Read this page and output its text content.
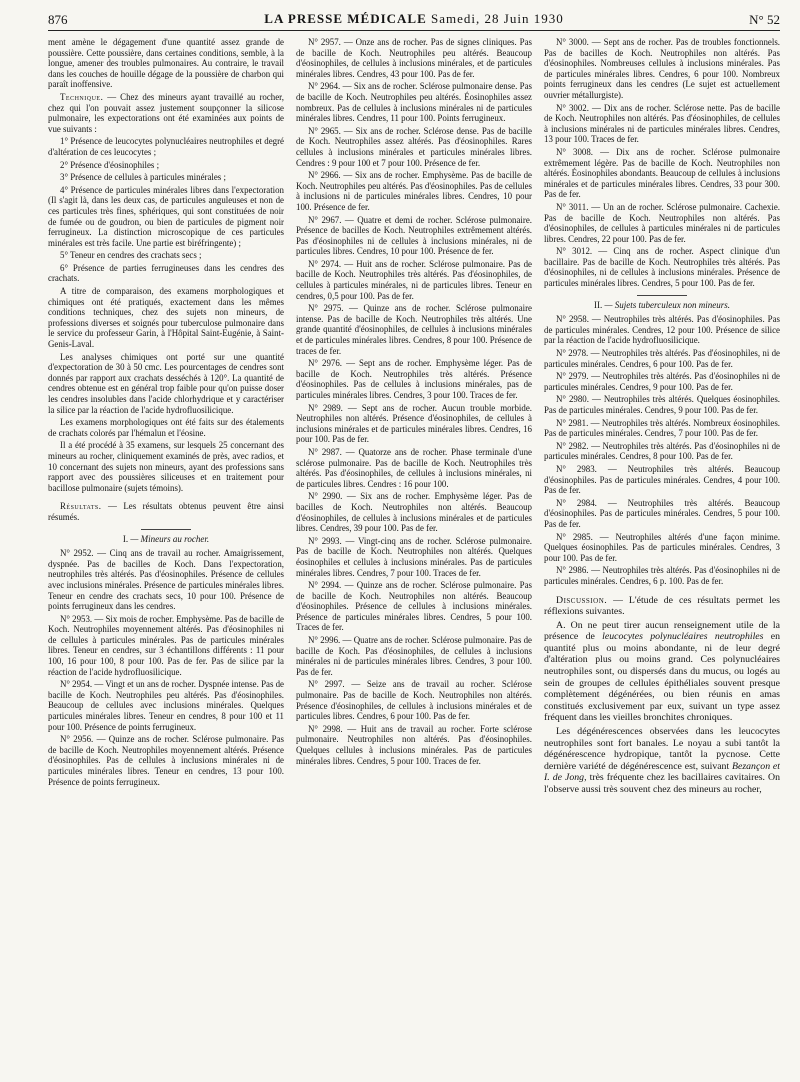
876	LA PRESSE MÉDICALE Samedi, 28 Juin 1930	N° 52

ment amène le dégagement d'une quantité assez grande de poussière. Cette poussière, dans certaines conditions, semble, à la longue, amener des troubles pulmonaires. Au contraire, le travail dans les couches de houille dégage de la poussière de charbon qui paraît inoffensive.

Technique. — Chez des mineurs ayant travaillé au rocher, chez qui l'on pouvait assez justement soupçonner la silicose pulmonaire, les expectorations ont été examinées aux points de vue suivants :

1° Présence de leucocytes polynucléaires neutrophiles et degré d'altération de ces leucocytes ;

2° Présence d'éosinophiles ;

3° Présence de cellules à particules minérales ;

4° Présence de particules minérales libres dans l'expectoration (Il s'agit là, dans les deux cas, de particules anguleuses et non de ces particules très fines, sphériques, qui sont constituées de noir de fumée ou de goudron, ou bien de particules de pigment noir ferrugineux. La distinction microscopique de ces particules minérales est très facile. Une partie est biréfringente) ;

5° Teneur en cendres des crachats secs ;

6° Présence de parties ferrugineuses dans les cendres des crachats.

A titre de comparaison, des examens morphologiques et chimiques ont été pratiqués, exactement dans les mêmes conditions techniques, chez des sujets non mineurs, de professions diverses et soignés pour tuberculose pulmonaire dans le service du professeur Garin, à l'Hôpital Saint-Eugénie, à Saint-Genis-Laval.

Les analyses chimiques ont porté sur une quantité d'expectoration de 30 à 50 cmc. Les pourcentages de cendres sont donnés par rapport aux crachats desséchés à 120°. La quantité de cendres obtenue est en général trop faible pour qu'on puisse doser les cendres insolubles dans l'acide chlorhydrique et y caractériser la silice par la réaction de l'acide hydrofluosilicique.

Les examens morphologiques ont été faits sur des étalements de crachats colorés par l'hémalun et l'éosine.

Il a été procédé à 35 examens, sur lesquels 25 concernant des mineurs au rocher, cliniquement examinés de près, avec radios, et 10 concernant des sujets non mineurs, ayant des professions sans rapport avec des poussières siliceuses et en traitement pour bacillose pulmonaire (sujets témoins).

Résultats. — Les résultats obtenus peuvent être ainsi résumés.

I. — Mineurs au rocher.

N° 2952. — Cinq ans de travail au rocher. Amaigrissement, dyspnée. Pas de bacilles de Koch. Dans l'expectoration, neutrophiles très altérés. Pas d'éosinophiles. Présence de cellules avec inclusions minérales. Présence de particules minérales libres. Teneur en cendre des crachats secs, 10 pour 100. Présence de points ferrugineux dans les cendres.

N° 2953. — Six mois de rocher. Emphysème. Pas de bacille de Koch. Neutrophiles moyennement altérés. Pas d'éosinophiles ni de cellules à particules minérales. Pas de particules minérales libres. Teneur en cendres, sur 3 échantillons différents : 11 pour 100, 16 pour 100, 8 pour 100. Pas de fer. Pas de silice par la réaction de l'acide hydrofluosilicique.

N° 2954. — Vingt et un ans de rocher. Dyspnée intense. Pas de bacille de Koch. Neutrophiles peu altérés. Pas d'éosinophiles. Beaucoup de cellules avec inclusions minérales. Quelques particules minérales libres. Teneur en cendres, 8 pour 100 et 11 pour 100. Présence de points ferrugineux.

N° 2956. — Quinze ans de rocher. Sclérose pulmonaire. Pas de bacille de Koch. Neutrophiles moyennement altérés. Présence d'éosinophiles. Pas de cellules à inclusions minérales ni de particules minérales libres. Teneur en cendres, 13 pour 100. Présence de points ferrugineux.

N° 2957. — Onze ans de rocher. Pas de signes cliniques. Pas de bacille de Koch. Neutrophiles peu altérés. Beaucoup d'éosinophiles, de cellules à inclusions minérales, et de particules minérales libres. Cendres, 43 pour 100. Pas de fer.

N° 2964. — Six ans de rocher. Sclérose pulmonaire dense. Pas de bacille de Koch. Neutrophiles peu altérés. Éosinophiles assez nombreux. Pas de cellules à inclusions minérales ni de particules minérales libres. Cendres, 11 pour 100. Points ferrugineux.

N° 2965. — Six ans de rocher. Sclérose dense. Pas de bacille de Koch. Neutrophiles assez altérés. Pas d'éosinophiles. Rares cellules à inclusions minérales et particules minérales libres. Cendres : 9 pour 100 et 7 pour 100. Présence de fer.

N° 2966. — Six ans de rocher. Emphysème. Pas de bacille de Koch. Neutrophiles peu altérés. Pas d'éosinophiles. Pas de cellules à inclusions ni de particules minérales libres. Cendres, 10 pour 100. Présence de fer.

N° 2967. — Quatre et demi de rocher. Sclérose pulmonaire. Présence de bacilles de Koch. Neutrophiles extrêmement altérés. Pas d'éosinophiles ni de cellules à inclusions minérales, ni de particules libres. Cendres, 10 pour 100. Présence de fer.

N° 2974. — Huit ans de rocher. Sclérose pulmonaire. Pas de bacille de Koch. Neutrophiles très altérés. Pas d'éosinophiles, de cellules à particules minérales, ni de particules libres. Teneur en cendres, 0,5 pour 100. Pas de fer.

N° 2975. — Quinze ans de rocher. Sclérose pulmonaire intense. Pas de bacille de Koch. Neutrophiles très altérés. Une grande quantité d'éosinophiles, de cellules à inclusions minérales et de particules minérales libres. Cendres, 8 pour 100. Présence de traces de fer.

N° 2976. — Sept ans de rocher. Emphysème léger. Pas de bacille de Koch. Neutrophiles très altérés. Présence d'éosinophiles. Pas de cellules à inclusions minérales, pas de particules minérales libres. Cendres, 3 pour 100. Traces de fer.

N° 2989. — Sept ans de rocher. Aucun trouble morbide. Neutrophiles non altérés. Présence d'éosinophiles, de cellules à inclusions minérales et de particules minérales libres. Cendres, 16 pour 100. Pas de fer.

N° 2987. — Quatorze ans de rocher. Phase terminale d'une sclérose pulmonaire. Pas de bacille de Koch. Neutrophiles très altérés. Pas d'éosinophiles, de cellules à inclusions minérales, ni de particules libres. Cendres : 16 pour 100.

N° 2990. — Six ans de rocher. Emphysème léger. Pas de bacilles de Koch. Neutrophiles non altérés. Beaucoup d'éosinophiles, de cellules à inclusions minérales et de particules libres. Cendres, 39 pour 100. Pas de fer.

N° 2993. — Vingt-cinq ans de rocher. Sclérose pulmonaire. Pas de bacille de Koch. Neutrophiles non altérés. Quelques éosinophiles et cellules à inclusions minérales. Pas de particules minérales libres. Cendres, 7 pour 100. Traces de fer.

N° 2994. — Quinze ans de rocher. Sclérose pulmonaire. Pas de bacille de Koch. Neutrophiles non altérés. Beaucoup d'éosinophiles. Présence de cellules à inclusions minérales. Présence de particules minérales libres. Cendres, 5 pour 100. Traces de fer.

N° 2996. — Quatre ans de rocher. Sclérose pulmonaire. Pas de bacille de Koch. Pas d'éosinophiles, de cellules à inclusions minérales ni de particules minérales libres. Cendres, 3 pour 100. Pas de fer.

N° 2997. — Seize ans de travail au rocher. Sclérose pulmonaire. Pas de bacille de Koch. Neutrophiles non altérés. Présence d'éosinophiles, de cellules à inclusions minérales et de particules libres. Cendres, 6 pour 100. Pas de fer.

N° 2998. — Huit ans de travail au rocher. Forte sclérose pulmonaire. Neutrophiles non altérés. Pas d'éosinophiles. Quelques cellules à inclusions minérales. Pas de particules minérales libres. Cendres, 5 pour 100. Traces de fer.

N° 3000. — Sept ans de rocher. Pas de troubles fonctionnels. Pas de bacilles de Koch. Neutrophiles non altérés. Pas d'éosinophiles. Nombreuses cellules à inclusions minérales. Pas de particules minérales libres. Cendres, 6 pour 100. Nombreux points ferrugineux dans les cendres (Le sujet est actuellement ouvrier métallurgiste).

N° 3002. — Dix ans de rocher. Sclérose nette. Pas de bacille de Koch. Neutrophiles non altérés. Pas d'éosinophiles, de cellules à inclusions minérales ni de particules minérales libres. Cendres, 13 pour 100. Traces de fer.

N° 3008. — Dix ans de rocher. Sclérose pulmonaire extrêmement légère. Pas de bacille de Koch. Neutrophiles non altérés. Éosinophiles abondants. Beaucoup de cellules à inclusions minérales et de particules minérales libres. Cendres, 33 pour 300. Pas de fer.

N° 3011. — Un an de rocher. Sclérose pulmonaire. Cachexie. Pas de bacille de Koch. Neutrophiles non altérés. Pas d'éosinophiles, de cellules à particules minérales ni de particules libres. Cendres, 22 pour 100. Pas de fer.

N° 3012. — Cinq ans de rocher. Aspect clinique d'un bacillaire. Pas de bacille de Koch. Neutrophiles très altérés. Pas d'éosinophiles, ni de cellules à inclusions minérales. Présence de particules minérales libres. Cendres, 5 pour 100. Pas de fer.

II. — Sujets tuberculeux non mineurs.

N° 2958. — Neutrophiles très altérés. Pas d'éosinophiles. Pas de particules minérales. Cendres, 12 pour 100. Présence de silice par la réaction de l'acide hydrofluosilicique.

N° 2978. — Neutrophiles très altérés. Pas d'éosinophiles, ni de particules minérales. Cendres, 6 pour 100. Pas de fer.

N° 2979. — Neutrophiles très altérés. Pas d'éosinophiles ni de particules minérales. Cendres, 9 pour 100. Pas de fer.

N° 2980. — Neutrophiles très altérés. Quelques éosinophiles. Pas de particules minérales. Cendres, 9 pour 100. Pas de fer.

N° 2981. — Neutrophiles très altérés. Nombreux éosinophiles. Pas de particules minérales. Cendres, 7 pour 100. Pas de fer.

N° 2982. — Neutrophiles très altérés. Pas d'éosinophiles ni de particules minérales. Cendres, 8 pour 100. Pas de fer.

N° 2983. — Neutrophiles très altérés. Beaucoup d'éosinophiles. Pas de particules minérales. Cendres, 4 pour 100. Pas de fer.

N° 2984. — Neutrophiles très altérés. Beaucoup d'éosinophiles. Pas de particules minérales. Cendres, 5 pour 100. Pas de fer.

N° 2985. — Neutrophiles altérés d'une façon minime. Quelques éosinophiles. Pas de particules minérales. Cendres, 3 pour 100. Pas de fer.

N° 2986. — Neutrophiles très altérés. Pas d'éosinophiles ni de particules minérales. Cendres, 6 p. 100. Pas de fer.

Discussion. — L'étude de ces résultats permet les réflexions suivantes.

A. On ne peut tirer aucun renseignement utile de la présence de leucocytes polynucléaires neutrophiles en quantité plus ou moins abondante, ni de leur degré d'altération plus ou moins grand. Ces polynucléaires neutrophiles sont, ou dispersés dans du mucus, ou logés au sein de groupes de cellules épithéliales souvent presque complètement dégénérées, ou bien réunis en amas constitués exclusivement par eux, suivant un type assez fréquent dans les vieilles bronchites chroniques.

Les dégénérescences observées dans les leucocytes neutrophiles sont fort banales. Le noyau a subi tantôt la dégénérescence hydropique, tantôt la pycnose. Cette dernière variété de dégénérescence est, suivant Bezançon et I. de Jong, très fréquente chez les bacillaires cavitaires. On l'observe aussi très souvent chez des mineurs au rocher,
